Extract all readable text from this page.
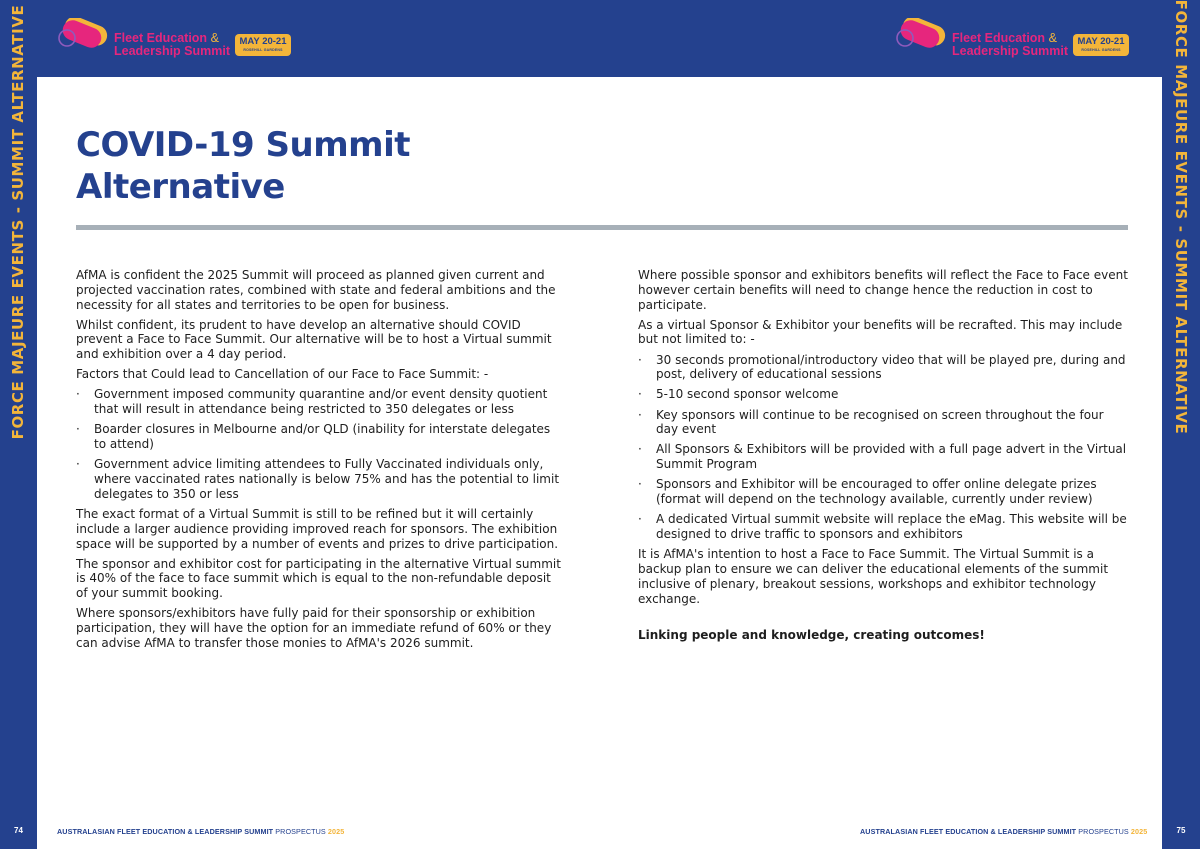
FORCE MAJEURE EVENTS - SUMMIT ALTERNATIVE
74
FORCE MAJEURE EVENTS - SUMMIT ALTERNATIVE
75
Fleet Education &
Leadership Summit
MAY 20-21
ROSEHILL GARDENS
Fleet Education &
Leadership Summit
MAY 20-21
ROSEHILL GARDENS
COVID-19 Summit
Alternative

AfMA is confident the 2025 Summit will proceed as planned given current and projected vaccination rates, combined with state and federal ambitions and the necessity for all states and territories to be open for business.

Whilst confident, its prudent to have develop an alternative should COVID prevent a Face to Face Summit. Our alternative will be to host a Virtual summit and exhibition over a 4 day period.

Factors that Could lead to Cancellation of our Face to Face Summit: -

· Government imposed community quarantine and/or event density quotient that will result in attendance being restricted to 350 delegates or less
· Boarder closures in Melbourne and/or QLD (inability for interstate delegates to attend)
· Government advice limiting attendees to Fully Vaccinated individuals only, where vaccinated rates nationally is below 75% and has the potential to limit delegates to 350 or less

The exact format of a Virtual Summit is still to be refined but it will certainly include a larger audience providing improved reach for sponsors. The exhibition space will be supported by a number of events and prizes to drive participation.

The sponsor and exhibitor cost for participating in the alternative Virtual summit is 40% of the face to face summit which is equal to the non-refundable deposit of your summit booking.

Where sponsors/exhibitors have fully paid for their sponsorship or exhibition participation, they will have the option for an immediate refund of 60% or they can advise AfMA to transfer those monies to AfMA's 2026 summit.

Where possible sponsor and exhibitors benefits will reflect the Face to Face event however certain benefits will need to change hence the reduction in cost to participate.

As a virtual Sponsor & Exhibitor your benefits will be recrafted. This may include but not limited to: -

· 30 seconds promotional/introductory video that will be played pre, during and post, delivery of educational sessions
· 5-10 second sponsor welcome
· Key sponsors will continue to be recognised on screen throughout the four day event
· All Sponsors & Exhibitors will be provided with a full page advert in the Virtual Summit Program
· Sponsors and Exhibitor will be encouraged to offer online delegate prizes (format will depend on the technology available, currently under review)
· A dedicated Virtual summit website will replace the eMag. This website will be designed to drive traffic to sponsors and exhibitors

It is AfMA's intention to host a Face to Face Summit. The Virtual Summit is a backup plan to ensure we can deliver the educational elements of the summit inclusive of plenary, breakout sessions, workshops and exhibitor technology exchange.

Linking people and knowledge, creating outcomes!

AUSTRALASIAN FLEET EDUCATION & LEADERSHIP SUMMIT PROSPECTUS 2025	AUSTRALASIAN FLEET EDUCATION & LEADERSHIP SUMMIT PROSPECTUS 2025
